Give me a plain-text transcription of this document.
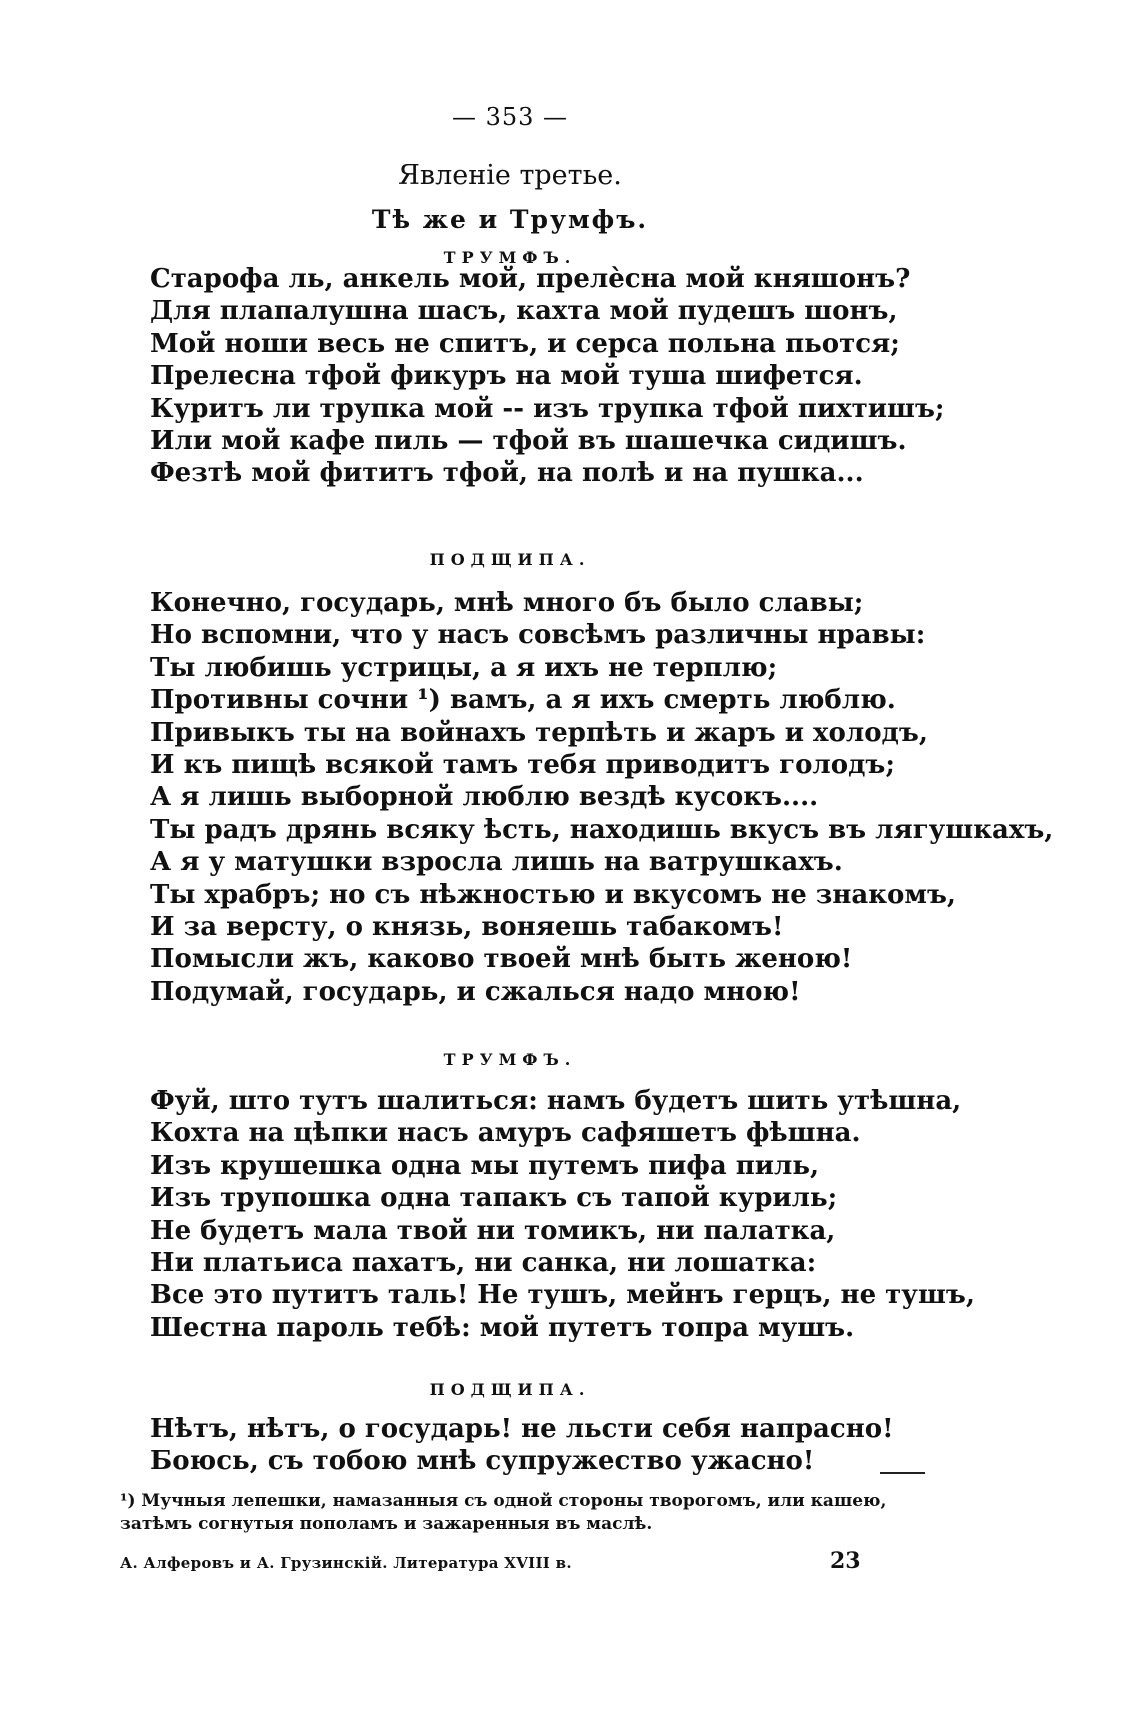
— 353 —
Явленіе третье.
Тѣ же и Трумфъ.
ТРУМФЪ.
Старофа ль, анкель мой, прелѐсна мой княшонъ?
Для плапалушна шасъ, кахта мой пудешъ шонъ,
Мой ноши весь не спитъ, и серса польна пьотся;
Прелесна тфой фикуръ на мой туша шифется.
Куритъ ли трупка мой -- изъ трупка тфой пихтишъ;
Или мой кафе пиль — тфой въ шашечка сидишъ.
Фезтѣ мой фититъ тфой, на полѣ и на пушка...
ПОДЩИПА.
Конечно, государь, мнѣ много бъ было славы;
Но вспомни, что у насъ совсѣмъ различны нравы:
Ты любишь устрицы, а я ихъ не терплю;
Противны сочни ¹) вамъ, а я ихъ смерть люблю.
Привыкъ ты на войнахъ терпѣть и жаръ и холодъ,
И къ пищѣ всякой тамъ тебя приводитъ голодъ;
А я лишь выборной люблю вездѣ кусокъ....
Ты радъ дрянь всяку ѣсть, находишь вкусъ въ лягушкахъ,
А я у матушки взросла лишь на ватрушкахъ.
Ты храбръ; но съ нѣжностью и вкусомъ не знакомъ,
И за версту, о князь, воняешь табакомъ!
Помысли жъ, каково твоей мнѣ быть женою!
Подумай, государь, и сжалься надо мною!
ТРУМФЪ.
Фуй, што тутъ шалиться: намъ будетъ шить утѣшна,
Кохта на цѣпки насъ амуръ сафяшетъ фѣшна.
Изъ крушешка одна мы путемъ пифа пиль,
Изъ трупошка одна тапакъ съ тапой куриль;
Не будетъ мала твой ни томикъ, ни палатка,
Ни платьиса пахатъ, ни санка, ни лошатка:
Все это путитъ таль! Не тушъ, мейнъ герцъ, не тушъ,
Шестна пароль тебѣ: мой путетъ топра мушъ.
ПОДЩИПА.
Нѣтъ, нѣтъ, о государь! не льсти себя напрасно!
Боюсь, съ тобою мнѣ супружество ужасно!
¹) Мучныя лепешки, намазанныя съ одной стороны творогомъ, или кашею,
затѣмъ согнутыя пополамъ и зажаренныя въ маслѣ.
А. Алферовъ и А. Грузинскій. Литература XVIII в.	23
